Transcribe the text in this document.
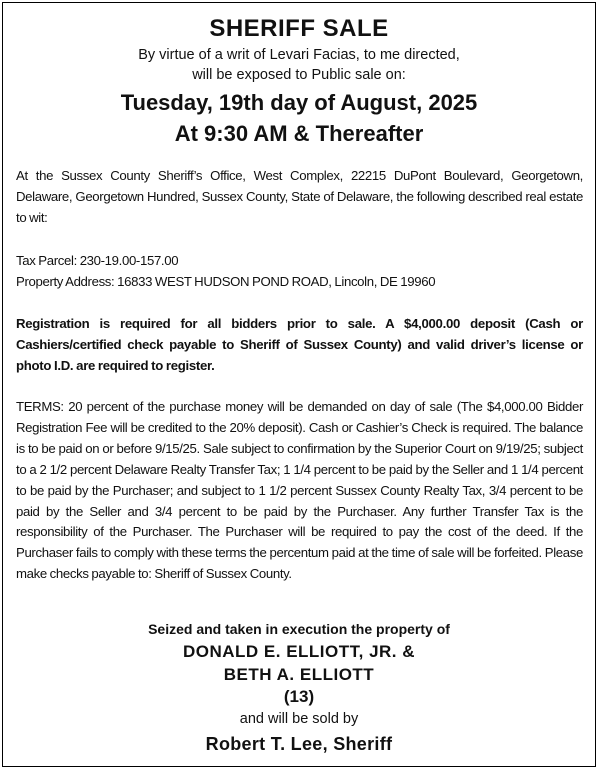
SHERIFF SALE
By virtue of a writ of Levari Facias, to me directed,
will be exposed to Public sale on:
Tuesday, 19th day of August, 2025
At 9:30 AM & Thereafter
At the Sussex County Sheriff’s Office, West Complex, 22215 DuPont Boulevard, Georgetown, Delaware, Georgetown Hundred, Sussex County, State of Delaware, the following described real estate to wit:
Tax Parcel: 230-19.00-157.00
Property Address: 16833 WEST HUDSON POND ROAD, Lincoln, DE 19960
Registration is required for all bidders prior to sale. A $4,000.00 deposit (Cash or Cashiers/certified check payable to Sheriff of Sussex County) and valid driver’s license or photo I.D. are required to register.
TERMS: 20 percent of the purchase money will be demanded on day of sale (The $4,000.00 Bidder Registration Fee will be credited to the 20% deposit). Cash or Cashier’s Check is required. The balance is to be paid on or before 9/15/25. Sale subject to confirmation by the Superior Court on 9/19/25; subject to a 2 1/2 percent Delaware Realty Transfer Tax; 1 1/4 percent to be paid by the Seller and 1 1/4 percent to be paid by the Purchaser; and subject to 1 1/2 percent Sussex County Realty Tax, 3/4 percent to be paid by the Seller and 3/4 percent to be paid by the Purchaser. Any further Transfer Tax is the responsibility of the Purchaser. The Purchaser will be required to pay the cost of the deed. If the Purchaser fails to comply with these terms the percentum paid at the time of sale will be forfeited. Please make checks payable to: Sheriff of Sussex County.
Seized and taken in execution the property of
DONALD E. ELLIOTT, JR. &
BETH A. ELLIOTT
(13)
and will be sold by
Robert T. Lee, Sheriff
